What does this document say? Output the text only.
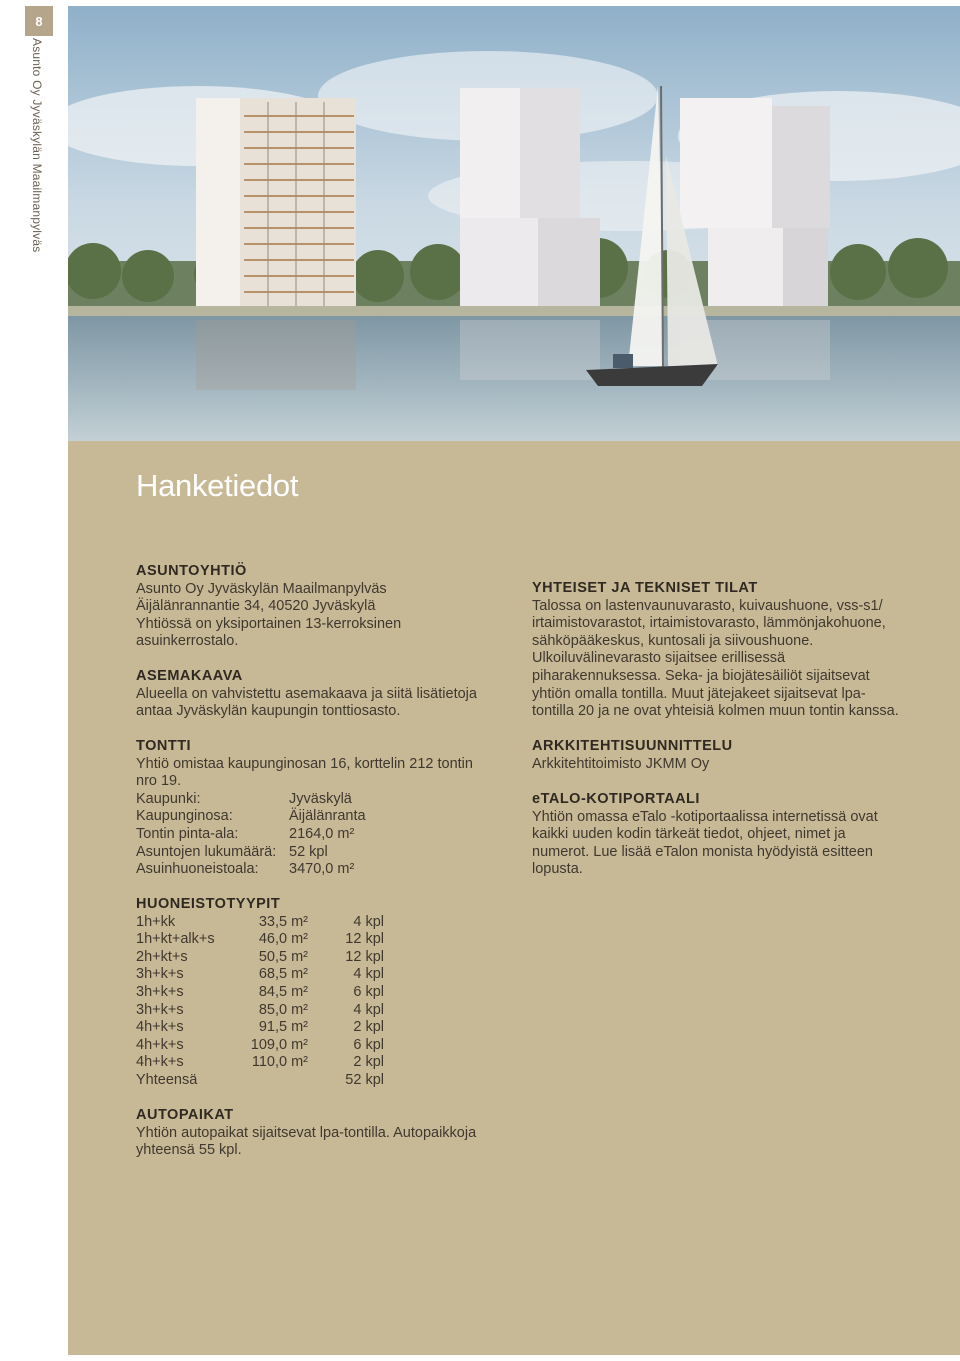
8
Asunto Oy Jyväskylän Maailmanpylväs
Hanketiedot
ASUNTOYHTIÖ

Asunto Oy Jyväskylän Maailmanpylväs

Äijälänrannantie 34, 40520 Jyväskylä

Yhtiössä on yksiportainen 13-kerroksinen

asuinkerrostalo.

ASEMAKAAVA

Alueella on vahvistettu asemakaava ja siitä lisätietoja

antaa Jyväskylän kaupungin tonttiosasto.

TONTTI

Yhtiö omistaa kaupunginosan 16, korttelin 212 tontin

nro 19.

Kaupunki:	Jyväskylä
Kaupunginosa:	Äijälänranta
Tontin pinta-ala:	2164,0 m²
Asuntojen lukumäärä:	52 kpl
Asuinhuoneistoala:	3470,0 m²
HUONEISTOTYYPIT
1h+kk	33,5 m²	4 kpl
1h+kt+alk+s	46,0 m²	12 kpl
2h+kt+s	50,5 m²	12 kpl
3h+k+s	68,5 m²	4 kpl
3h+k+s	84,5 m²	6 kpl
3h+k+s	85,0 m²	4 kpl
4h+k+s	91,5 m²	2 kpl
4h+k+s	109,0 m²	6 kpl
4h+k+s	110,0 m²	2 kpl
Yhteensä		52 kpl
AUTOPAIKAT

Yhtiön autopaikat sijaitsevat lpa-tontilla. Autopaikkoja

yhteensä 55 kpl.

YHTEISET JA TEKNISET TILAT

Talossa on lastenvaunuvarasto, kuivaushuone, vss-s1/

irtaimistovarastot, irtaimistovarasto, lämmönjakohuone,

sähköpääkeskus, kuntosali ja siivoushuone.

Ulkoiluvälinevarasto sijaitsee erillisessä

piharakennuksessa. Seka- ja biojätesäiliöt sijaitsevat

yhtiön omalla tontilla. Muut jätejakeet sijaitsevat lpa-

tontilla 20 ja ne ovat yhteisiä kolmen muun tontin kanssa.

ARKKITEHTISUUNNITTELU

Arkkitehtitoimisto JKMM Oy

eTALO-KOTIPORTAALI

Yhtiön omassa eTalo -kotiportaalissa internetissä ovat

kaikki uuden kodin tärkeät tiedot, ohjeet, nimet ja

numerot. Lue lisää eTalon monista hyödyistä esitteen

lopusta.
